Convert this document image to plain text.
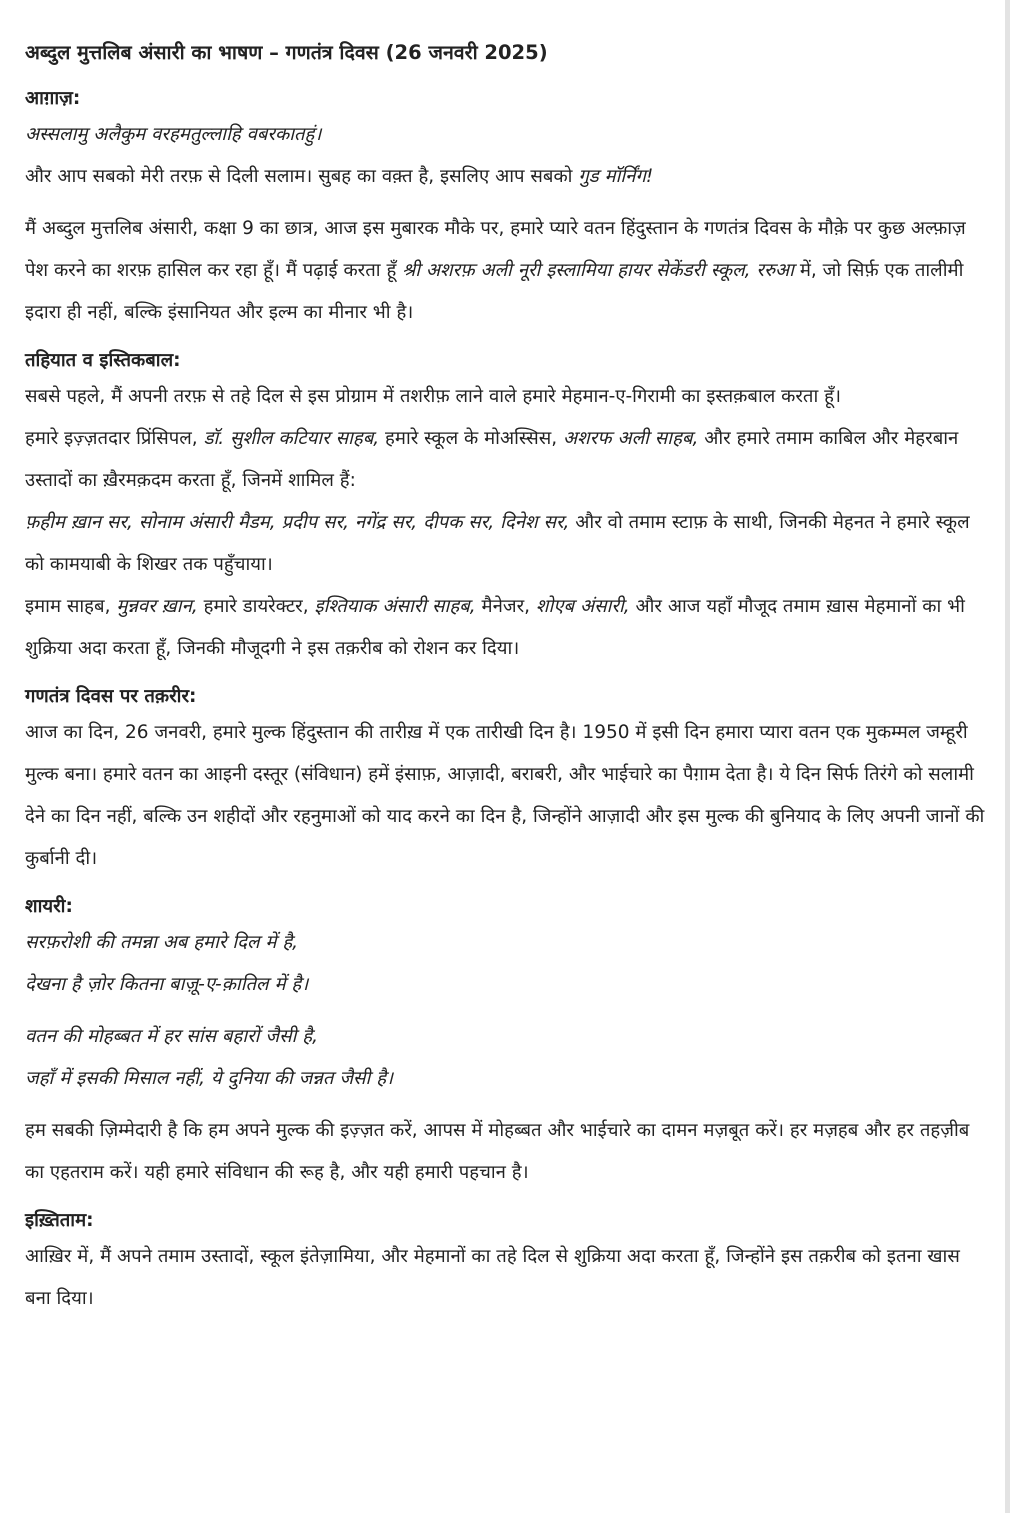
अब्दुल मुत्तलिब अंसारी का भाषण – गणतंत्र दिवस (26 जनवरी 2025)
आग़ाज़:

अस्सलामु अलैकुम वरहमतुल्लाहि वबरकातहुं।

और आप सबको मेरी तरफ़ से दिली सलाम। सुबह का वक़्त है, इसलिए आप सबको गुड मॉर्निंग!

मैं अब्दुल मुत्तलिब अंसारी, कक्षा 9 का छात्र, आज इस मुबारक मौके पर, हमारे प्यारे वतन हिंदुस्तान के गणतंत्र दिवस के मौक़े पर कुछ अल्फ़ाज़ पेश करने का शरफ़ हासिल कर रहा हूँ। मैं पढ़ाई करता हूँ श्री अशरफ़ अली नूरी इस्लामिया हायर सेकेंडरी स्कूल, ररुआ में, जो सिर्फ़ एक तालीमी इदारा ही नहीं, बल्कि इंसानियत और इल्म का मीनार भी है।

तहियात व इस्तिकबाल:

सबसे पहले, मैं अपनी तरफ़ से तहे दिल से इस प्रोग्राम में तशरीफ़ लाने वाले हमारे मेहमान-ए-गिरामी का इस्तक़बाल करता हूँ।

हमारे इज़्ज़तदार प्रिंसिपल, डॉ. सुशील कटियार साहब, हमारे स्कूल के मोअस्सिस, अशरफ अली साहब, और हमारे तमाम काबिल और मेहरबान उस्तादों का ख़ैरमक़दम करता हूँ, जिनमें शामिल हैं:

फ़हीम ख़ान सर, सोनाम अंसारी मैडम, प्रदीप सर, नगेंद्र सर, दीपक सर, दिनेश सर, और वो तमाम स्टाफ़ के साथी, जिनकी मेहनत ने हमारे स्कूल को कामयाबी के शिखर तक पहुँचाया।

इमाम साहब, मुन्नवर ख़ान, हमारे डायरेक्टर, इश्तियाक अंसारी साहब, मैनेजर, शोएब अंसारी, और आज यहाँ मौजूद तमाम ख़ास मेहमानों का भी शुक्रिया अदा करता हूँ, जिनकी मौजूदगी ने इस तक़रीब को रोशन कर दिया।

गणतंत्र दिवस पर तक़रीर:

आज का दिन, 26 जनवरी, हमारे मुल्क हिंदुस्तान की तारीख़ में एक तारीखी दिन है। 1950 में इसी दिन हमारा प्यारा वतन एक मुकम्मल जम्हूरी मुल्क बना। हमारे वतन का आइनी दस्तूर (संविधान) हमें इंसाफ़, आज़ादी, बराबरी, और भाईचारे का पैग़ाम देता है। ये दिन सिर्फ तिरंगे को सलामी देने का दिन नहीं, बल्कि उन शहीदों और रहनुमाओं को याद करने का दिन है, जिन्होंने आज़ादी और इस मुल्क की बुनियाद के लिए अपनी जानों की कुर्बानी दी।

शायरी:

सरफ़रोशी की तमन्ना अब हमारे दिल में है,

देखना है ज़ोर कितना बाज़ू-ए-क़ातिल में है।

वतन की मोहब्बत में हर सांस बहारों जैसी है,

जहाँ में इसकी मिसाल नहीं, ये दुनिया की जन्नत जैसी है।

हम सबकी ज़िम्मेदारी है कि हम अपने मुल्क की इज़्ज़त करें, आपस में मोहब्बत और भाईचारे का दामन मज़बूत करें। हर मज़हब और हर तहज़ीब का एहतराम करें। यही हमारे संविधान की रूह है, और यही हमारी पहचान है।

इख़्तिताम:

आख़िर में, मैं अपने तमाम उस्तादों, स्कूल इंतेज़ामिया, और मेहमानों का तहे दिल से शुक्रिया अदा करता हूँ, जिन्होंने इस तक़रीब को इतना खास बना दिया।
